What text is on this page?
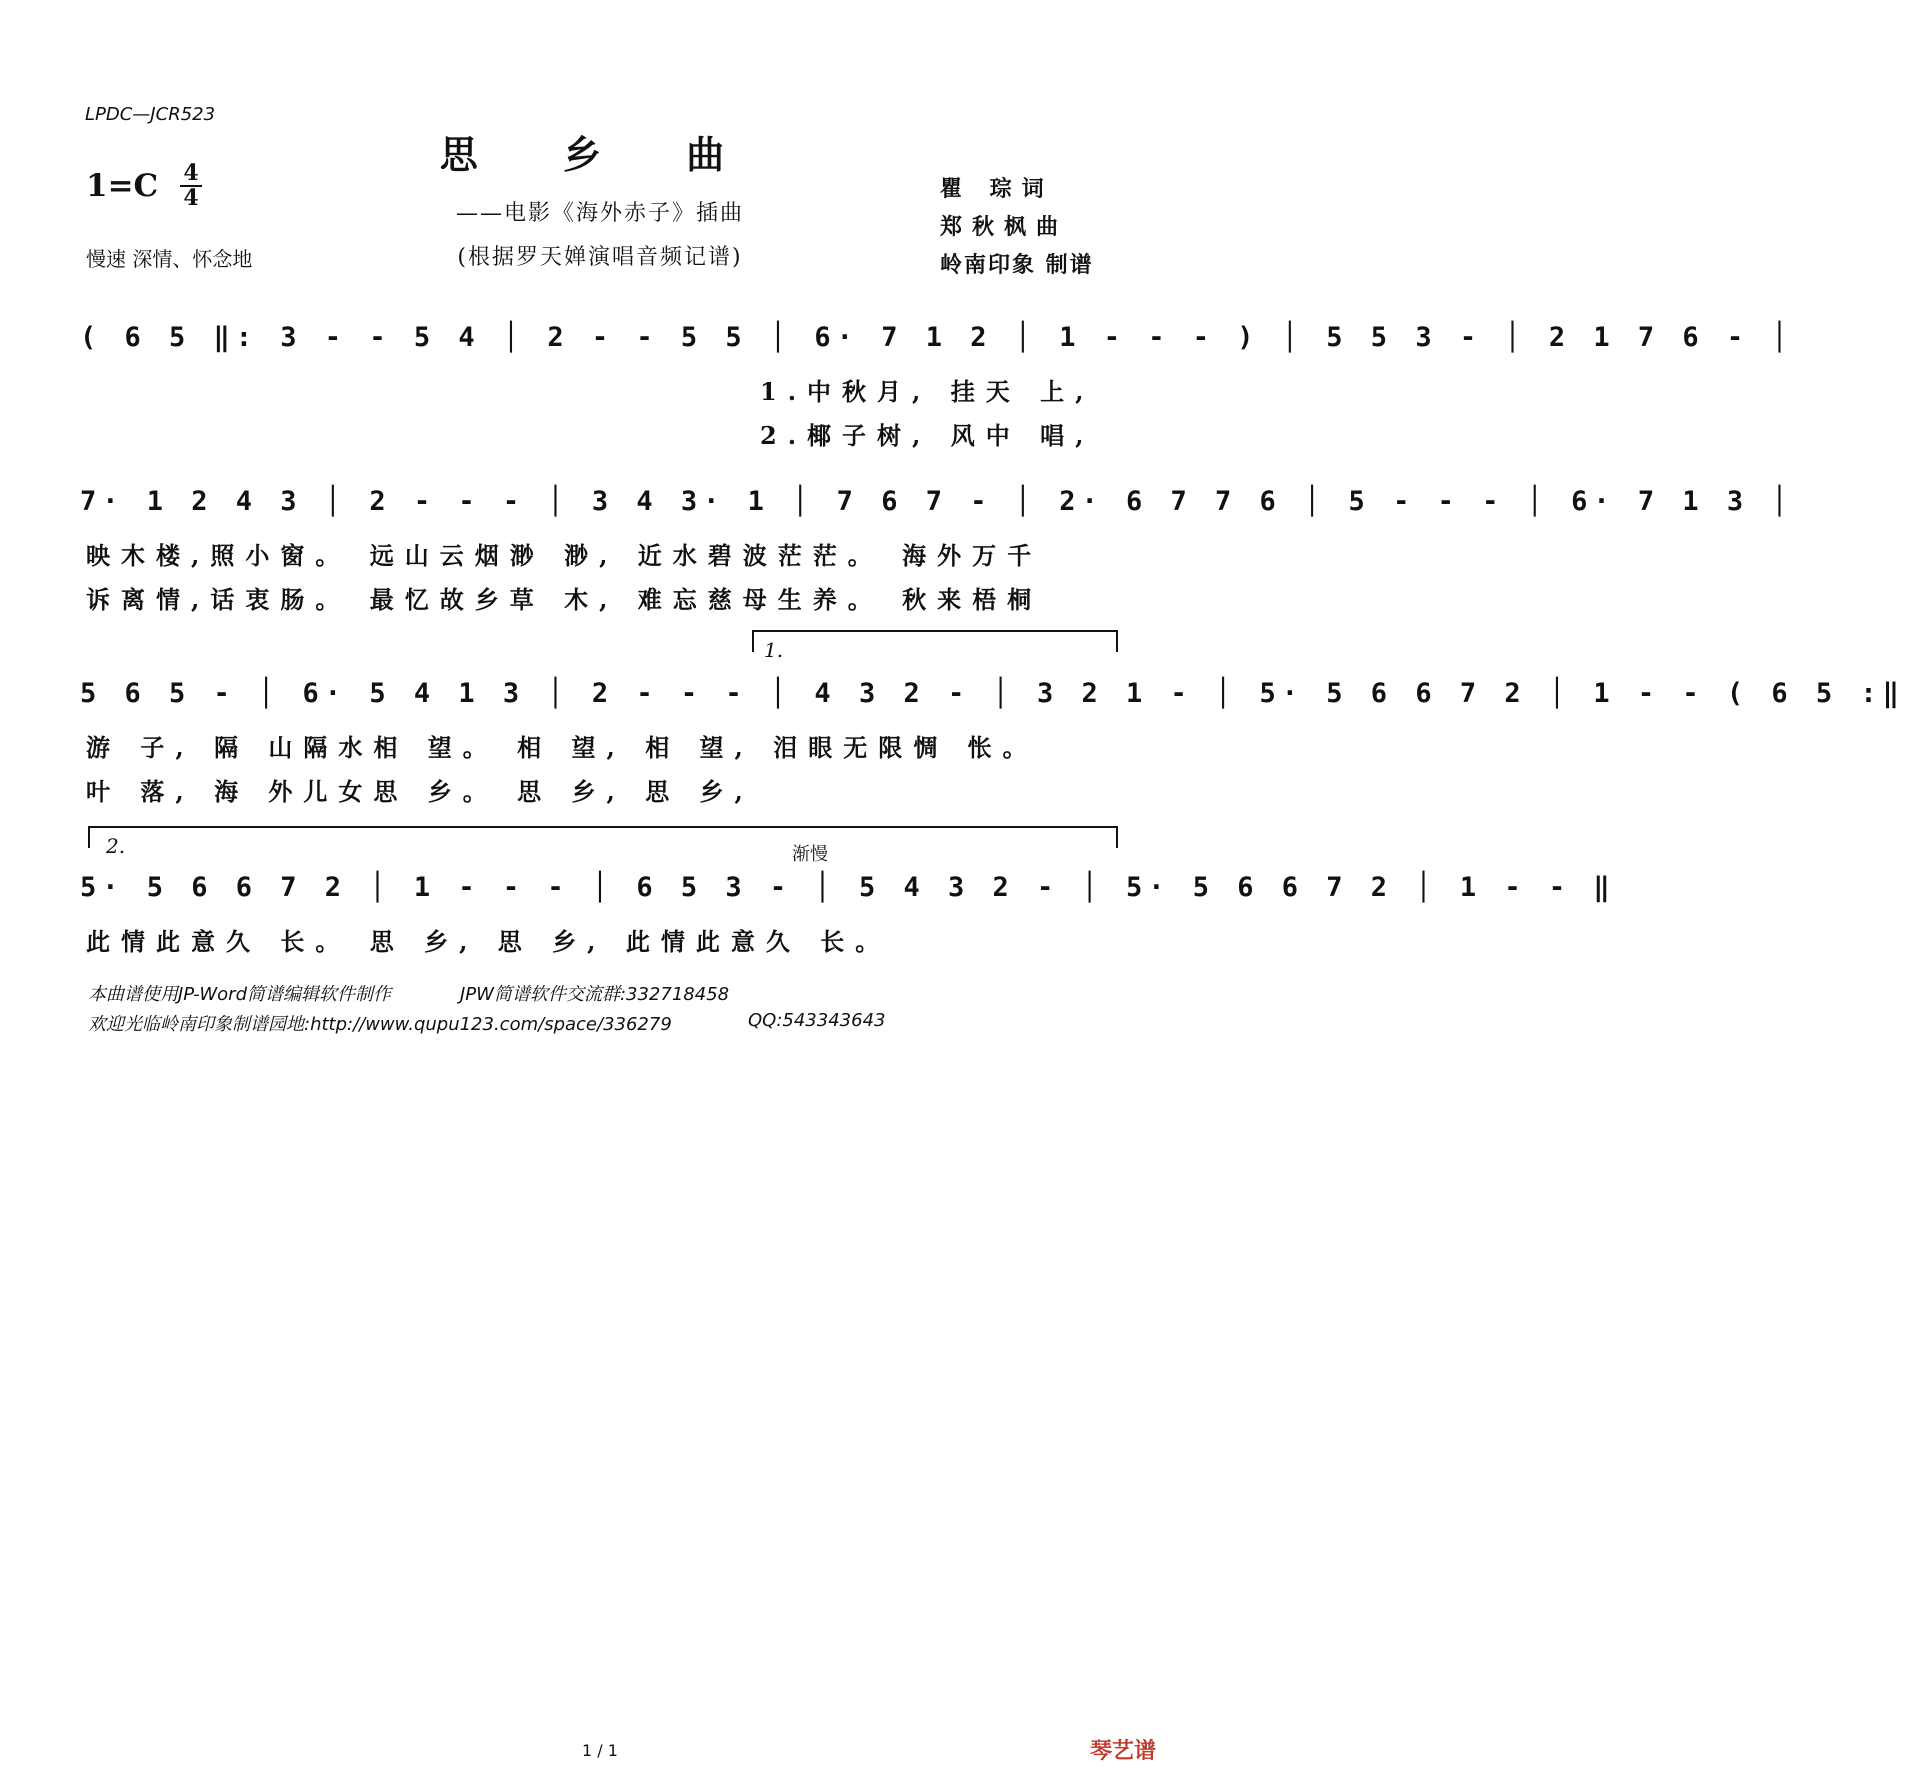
LPDC—JCR523
思 乡 曲
1=C 4
4
——电影《海外赤子》插曲
(根据罗天婵演唱音频记谱)
慢速 深情、怀念地
瞿 琮词
郑秋枫曲
岭南印象 制谱
( 6 5 ‖: 3 - - 5 4 │ 2 - - 5 5 │ 6· 7 1 2 │ 1 - - - ) │ 5 5 3 - │ 2 1 7 6 - │
1.中秋月, 挂天 上,
2.椰子树, 风中 唱,
7· 1 2 4 3 │ 2 - - - │ 3 4 3· 1 │ 7 6 7 - │ 2· 6 7 7 6 │ 5 - - - │ 6· 7 1 3 │
映木楼,照小窗。 远山云烟渺 渺, 近水碧波茫茫。 海外万千
诉离情,话衷肠。 最忆故乡草 木, 难忘慈母生养。 秋来梧桐
1.
5 6 5 - │ 6· 5 4 1 3 │ 2 - - - │ 4 3 2 - │ 3 2 1 - │ 5· 5 6 6 7 2 │ 1 - - ( 6 5 :‖
游 子, 隔 山隔水相 望。 相 望, 相 望, 泪眼无限惆 怅。
叶 落, 海 外儿女思 乡。 思 乡, 思 乡,
2.	渐慢
5· 5 6 6 7 2 │ 1 - - - │ 6 5 3 - │ 5 4 3 2 - │ 5· 5 6 6 7 2 │ 1 - - ‖
此情此意久 长。 思 乡, 思 乡, 此情此意久 长。
本曲谱使用JP-Word简谱编辑软件制作	JPW简谱软件交流群:332718458
欢迎光临岭南印象制谱园地:http://www.qupu123.com/space/336279	QQ:543343643
1 / 1	琴艺谱
